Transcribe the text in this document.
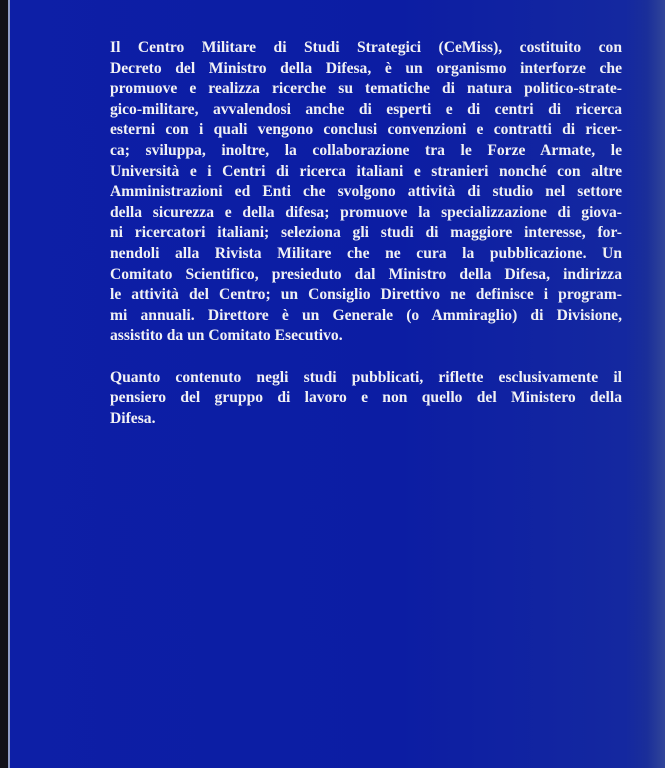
Il Centro Militare di Studi Strategici (CeMiss), costituito con
Decreto del Ministro della Difesa, è un organismo interforze che
promuove e realizza ricerche su tematiche di natura politico-strate-
gico-militare, avvalendosi anche di esperti e di centri di ricerca
esterni con i quali vengono conclusi convenzioni e contratti di ricer-
ca; sviluppa, inoltre, la collaborazione tra le Forze Armate, le
Università e i Centri di ricerca italiani e stranieri nonché con altre
Amministrazioni ed Enti che svolgono attività di studio nel settore
della sicurezza e della difesa; promuove la specializzazione di giova-
ni ricercatori italiani; seleziona gli studi di maggiore interesse, for-
nendoli alla Rivista Militare che ne cura la pubblicazione. Un
Comitato Scientifico, presieduto dal Ministro della Difesa, indirizza
le attività del Centro; un Consiglio Direttivo ne definisce i program-
mi annuali. Direttore è un Generale (o Ammiraglio) di Divisione,
assistito da un Comitato Esecutivo.

Quanto contenuto negli studi pubblicati, riflette esclusivamente il
pensiero del gruppo di lavoro e non quello del Ministero della
Difesa.
